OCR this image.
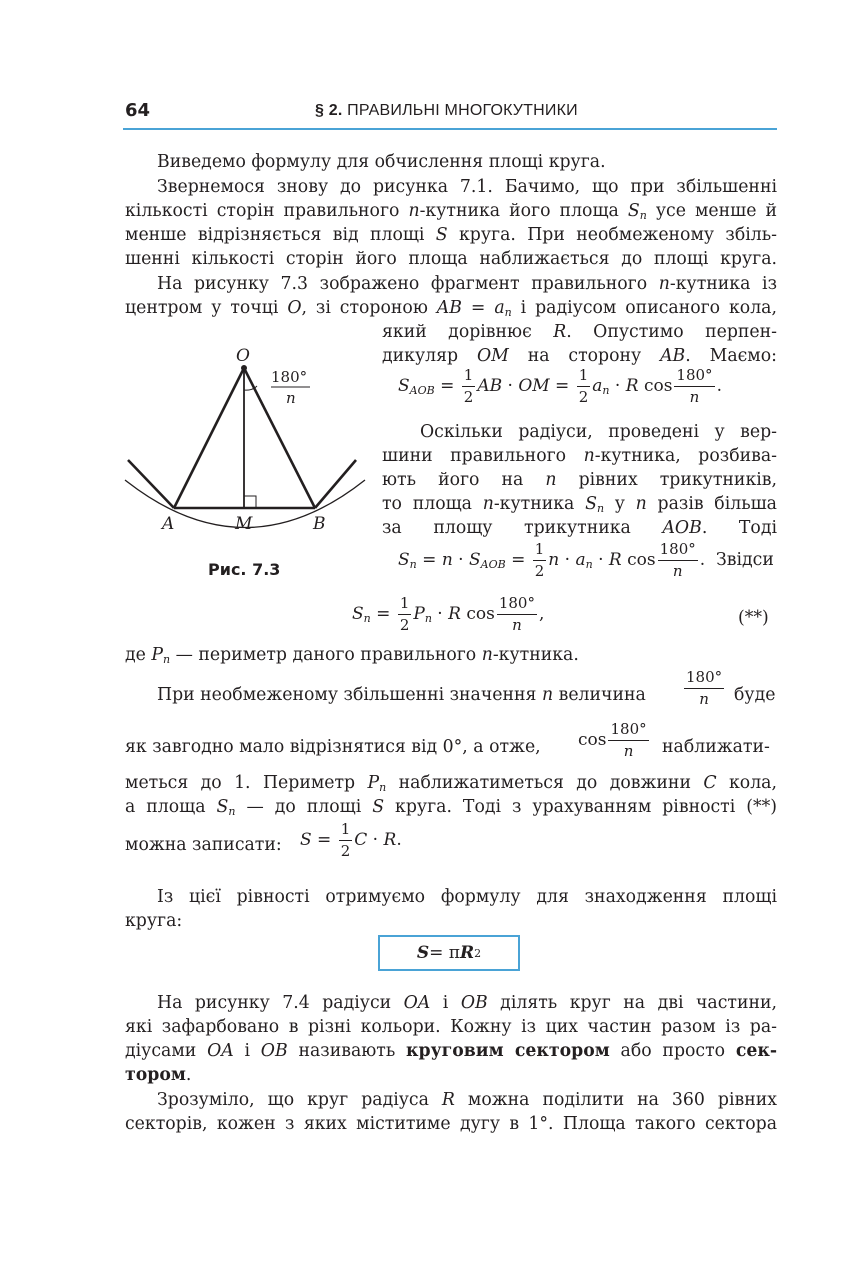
64	§ 2. ПРАВИЛЬНІ МНОГОКУТНИКИ
Виведемо формулу для обчислення площі круга.
Звернемося знову до рисунка 7.1. Бачимо, що при збільшенні
кількості сторін правильного n-кутника його площа $S_n$ усе менше й
менше відрізняється від площі S круга. При необмеженому збіль-
шенні кількості сторін його площа наближається до площі круга.
На рисунку 7.3 зображено фрагмент правильного n-кутника із
центром у точці O, зі стороною AB = $a_n$ і радіусом описаного кола,
який дорівнює R. Опустимо перпен-
дикуляр OM на сторону AB. Маємо:
$S_{AOB} = \frac{1}{2}$ AB · OM = $\frac{1}{2} a_n \cdot R$ $\cos \frac{180^\circ}{n}$ .
Оскільки радіуси, проведені у вер-
шини правильного n-кутника, розбива-
ють його на n рівних трикутників,
то площа n-кутника $S_n$ у n разів більша
за площу трикутника AOB. Тоді
$S_n = n \cdot S_{AOB} = \frac{1}{2}$ $n \cdot a_n \cdot R$ $\cos \frac{180^\circ}{n}$ . Звідси
O
A	M	B
180°
n
Рис. 7.3
$S_n = \frac{1}{2} P_n \cdot R$ $\cos \frac{180^\circ}{n}$ ,	(**)
де $P_n$ — периметр даного правильного n-кутника.
При необмеженому збільшенні значення n величина	$\frac{180^\circ}{n}$ буде
як завгодно мало відрізнятися від 0°, а отже, $\cos \frac{180^\circ}{n}$ наближати-
меться до 1. Периметр $P_n$ наближатиметься до довжини C кола,
а площа $S_n$ — до площі S круга. Тоді з урахуванням рівності (**)
можна записати: $S = \frac{1}{2}$ C · R.
Із цієї рівності отримуємо формулу для знаходження площі
круга:
S = π R 2
На рисунку 7.4 радіуси OA і OB ділять круг на дві частини,
які зафарбовано в різні кольори. Кожну із цих частин разом із ра-
діусами OA і OB називають круговим сектором або просто сек-
тором.
Зрозуміло, що круг радіуса R можна поділити на 360 рівних
секторів, кожен з яких міститиме дугу в 1°. Площа такого сектора
